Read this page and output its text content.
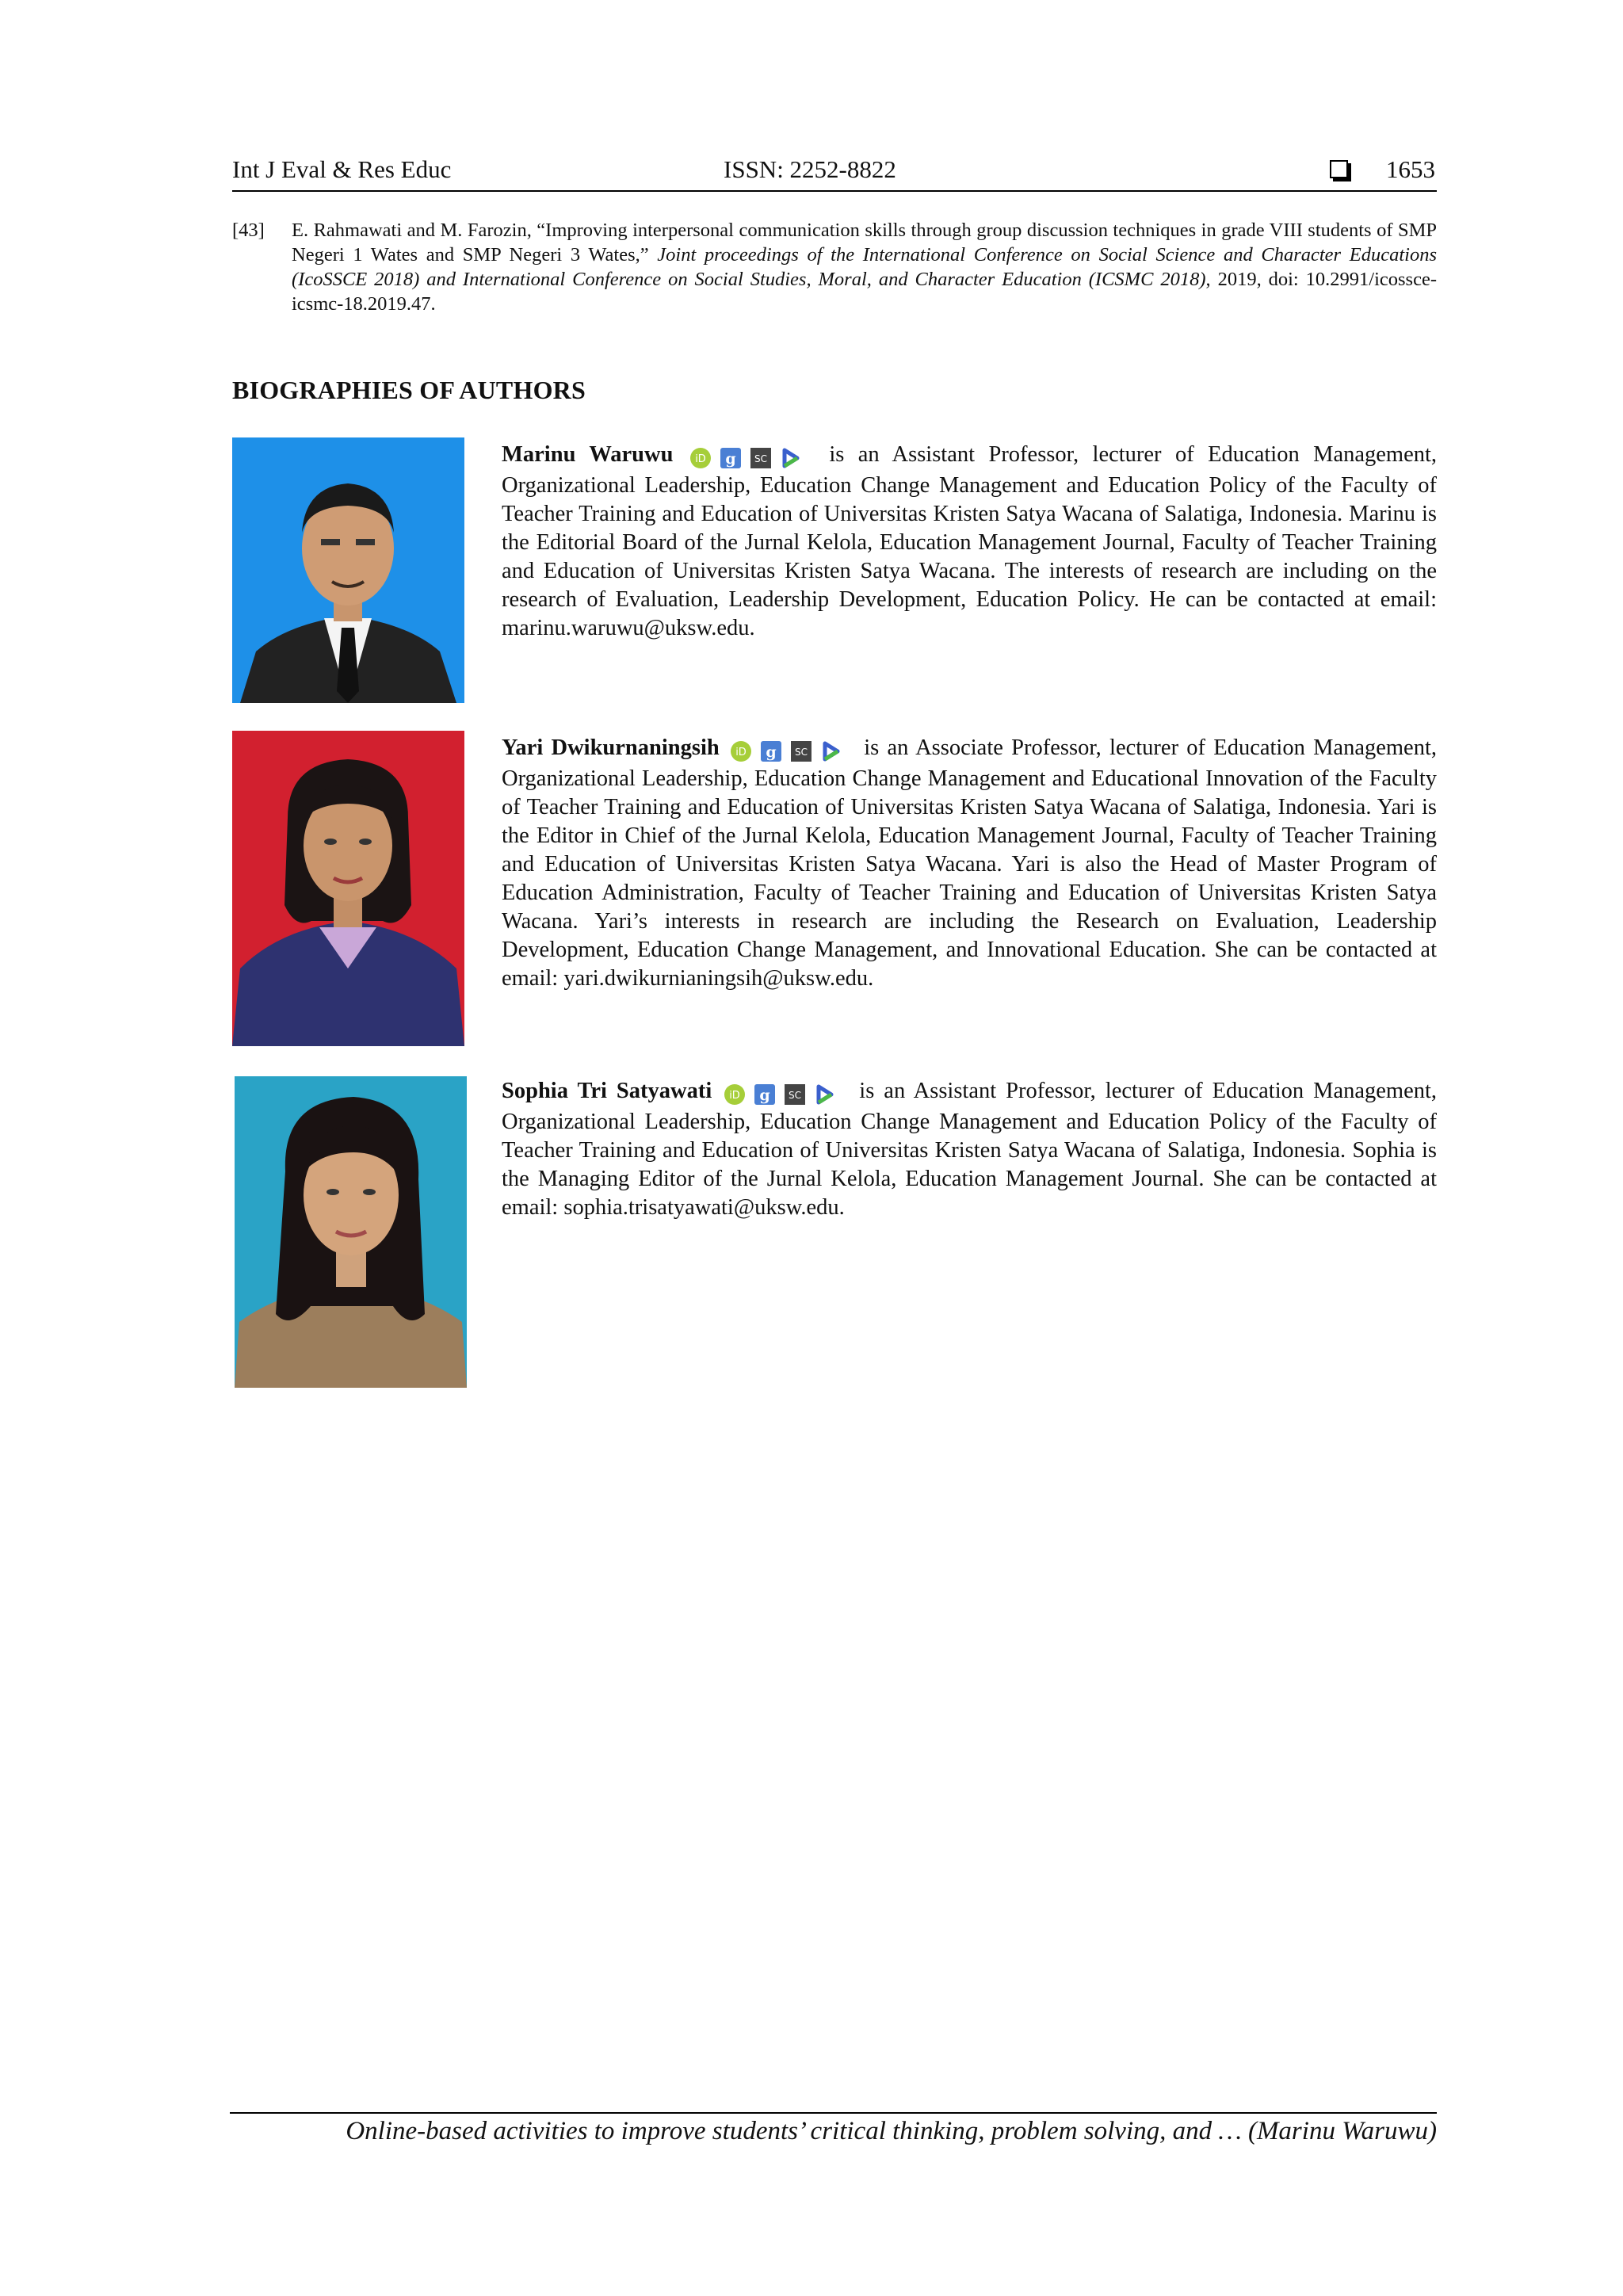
Int J Eval & Res Educ	ISSN: 2252-8822	1653
[43] E. Rahmawati and M. Farozin, “Improving interpersonal communication skills through group discussion techniques in grade VIII students of SMP Negeri 1 Wates and SMP Negeri 3 Wates,” Joint proceedings of the International Conference on Social Science and Character Educations (IcoSSCE 2018) and International Conference on Social Studies, Moral, and Character Education (ICSMC 2018), 2019, doi: 10.2991/icossce-icsmc-18.2019.47.
BIOGRAPHIES OF AUTHORS
Marinu Waruwu iD g SC	is an Assistant Professor, lecturer of Education Management, Organizational Leadership, Education Change Management and Education Policy of the Faculty of Teacher Training and Education of Universitas Kristen Satya Wacana of Salatiga, Indonesia. Marinu is the Editorial Board of the Jurnal Kelola, Education Management Journal, Faculty of Teacher Training and Education of Universitas Kristen Satya Wacana. The interests of research are including on the research of Evaluation, Leadership Development, Education Policy. He can be contacted at email: marinu.waruwu@uksw.edu.
Yari Dwikurnaningsih iD g SC	is an Associate Professor, lecturer of Education Management, Organizational Leadership, Education Change Management and Educational Innovation of the Faculty of Teacher Training and Education of Universitas Kristen Satya Wacana of Salatiga, Indonesia. Yari is the Editor in Chief of the Jurnal Kelola, Education Management Journal, Faculty of Teacher Training and Education of Universitas Kristen Satya Wacana. Yari is also the Head of Master Program of Education Administration, Faculty of Teacher Training and Education of Universitas Kristen Satya Wacana. Yari’s interests in research are including the Research on Evaluation, Leadership Development, Education Change Management, and Innovational Education. She can be contacted at email: yari.dwikurnianingsih@uksw.edu.
Sophia Tri Satyawati iD g SC	is an Assistant Professor, lecturer of Education Management, Organizational Leadership, Education Change Management and Education Policy of the Faculty of Teacher Training and Education of Universitas Kristen Satya Wacana of Salatiga, Indonesia. Sophia is the Managing Editor of the Jurnal Kelola, Education Management Journal. She can be contacted at email: sophia.trisatyawati@uksw.edu.
Online-based activities to improve students’ critical thinking, problem solving, and … (Marinu Waruwu)
